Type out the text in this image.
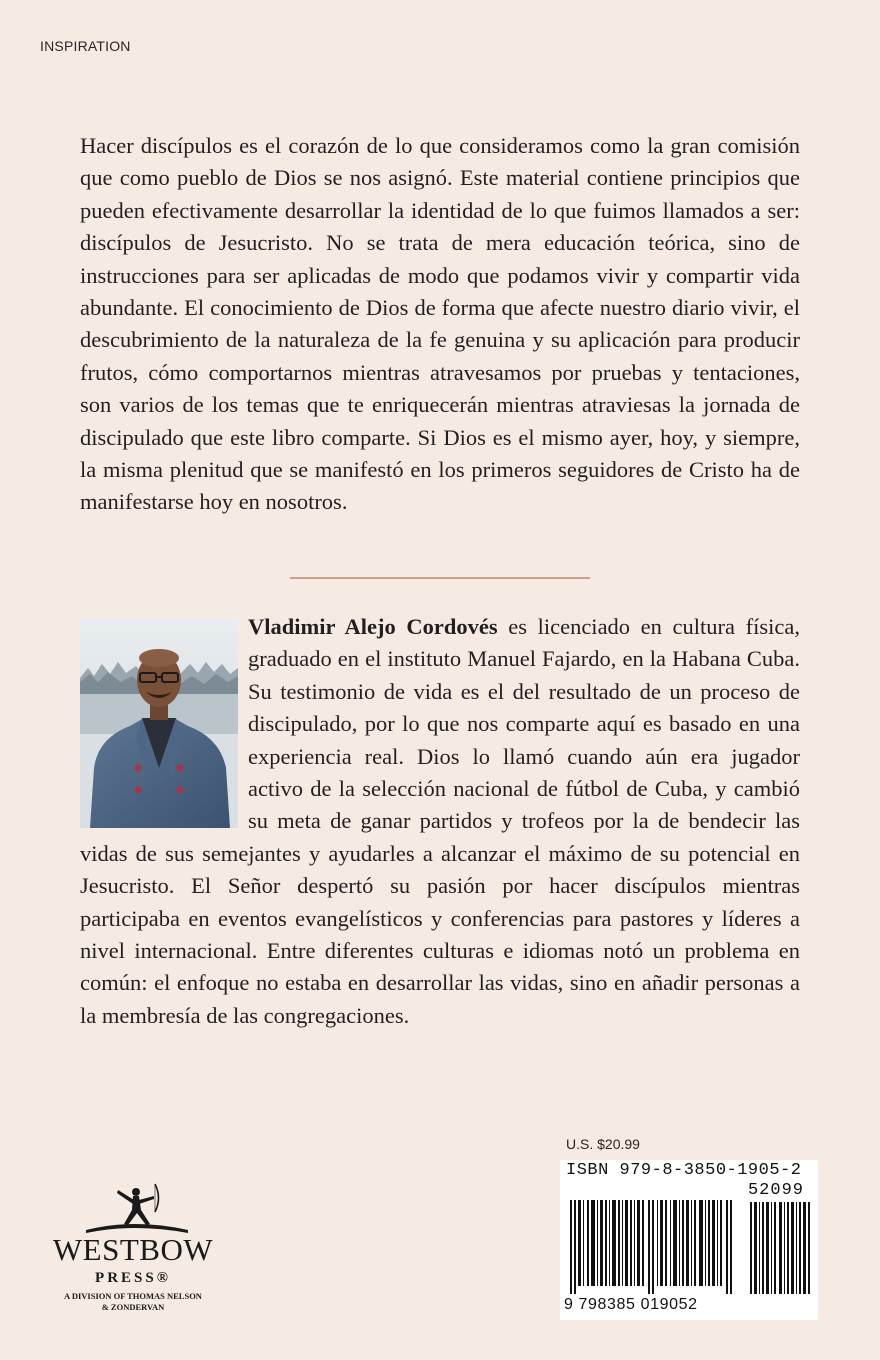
INSPIRATION

Hacer discípulos es el corazón de lo que consideramos como la gran comisión que como pueblo de Dios se nos asignó. Este material contiene principios que pueden efectivamente desarrollar la identidad de lo que fuimos llamados a ser: discípulos de Jesucristo. No se trata de mera educación teórica, sino de instrucciones para ser aplicadas de modo que podamos vivir y compartir vida abundante. El conocimiento de Dios de forma que afecte nuestro diario vivir, el descubrimiento de la naturaleza de la fe genuina y su aplicación para producir frutos, cómo comportarnos mientras atravesamos por pruebas y tentaciones, son varios de los temas que te enriquecerán mientras atraviesas la jornada de discipulado que este libro comparte. Si Dios es el mismo ayer, hoy, y siempre, la misma plenitud que se manifestó en los primeros seguidores de Cristo ha de manifestarse hoy en nosotros.

Vladimir Alejo Cordovés es licenciado en cultura física, graduado en el instituto Manuel Fajardo, en la Habana Cuba. Su testimonio de vida es el del resultado de un proceso de discipulado, por lo que nos comparte aquí es basado en una experiencia real. Dios lo llamó cuando aún era jugador activo de la selección nacional de fútbol de Cuba, y cambió su meta de ganar partidos y trofeos por la de bendecir las vidas de sus semejantes y ayudarles a alcanzar el máximo de su potencial en Jesucristo. El Señor despertó su pasión por hacer discípulos mientras participaba en eventos evangelísticos y conferencias para pastores y líderes a nivel internacional. Entre diferentes culturas e idiomas notó un problema en común: el enfoque no estaba en desarrollar las vidas, sino en añadir personas a la membresía de las congregaciones.

U.S. $20.99
ISBN 979-8-3850-1905-2
52099
9 798385 019052
WESTBOW
PRESS®
A DIVISION OF THOMAS NELSON
& ZONDERVAN
